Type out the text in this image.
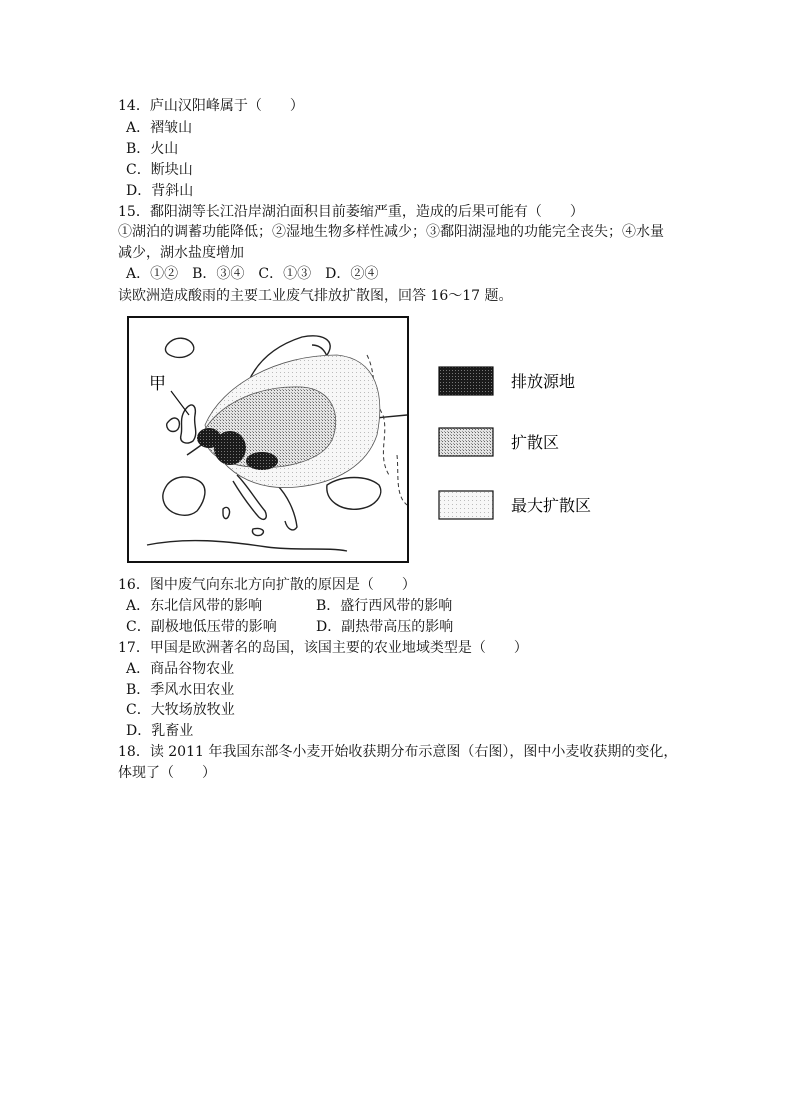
14．庐山汉阳峰属于（　　）
A．褶皱山
B．火山
C．断块山
D．背斜山
15．鄱阳湖等长江沿岸湖泊面积目前萎缩严重，造成的后果可能有（　　）
①湖泊的调蓄功能降低；②湿地生物多样性减少；③鄱阳湖湿地的功能完全丧失；④水量
减少，湖水盐度增加
A．①②　B．③④　C．①③　D．②④
读欧洲造成酸雨的主要工业废气排放扩散图，回答 16～17 题。
甲	排放源地
扩散区
最大扩散区
16．图中废气向东北方向扩散的原因是（　　）
A．东北信风带的影响	B．盛行西风带的影响
C．副极地低压带的影响	D．副热带高压的影响
17．甲国是欧洲著名的岛国，该国主要的农业地域类型是（　　）
A．商品谷物农业
B．季风水田农业
C．大牧场放牧业
D．乳畜业
18．读 2011 年我国东部冬小麦开始收获期分布示意图（右图），图中小麦收获期的变化，
体现了（　　）
